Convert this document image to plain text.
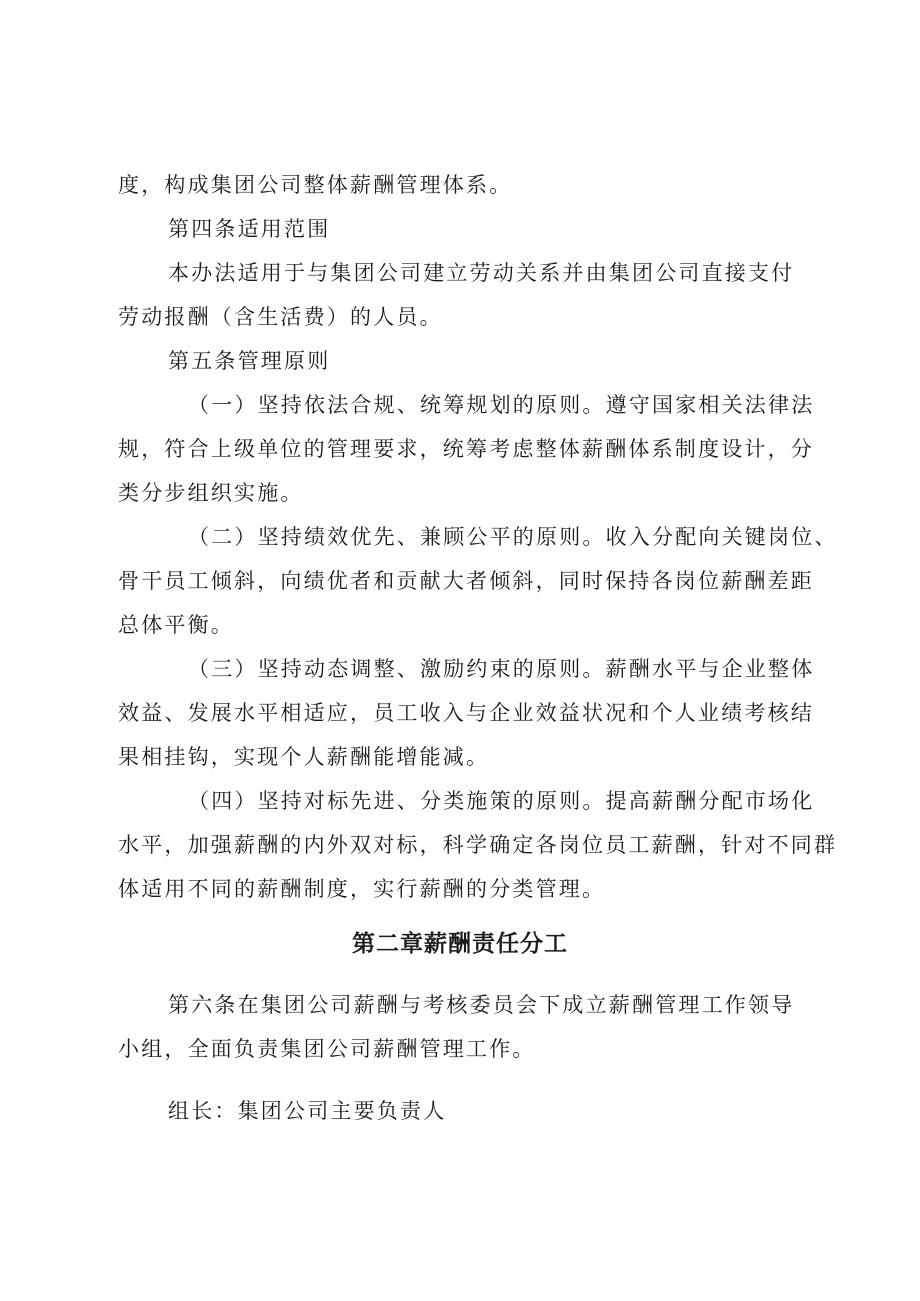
度，构成集团公司整体薪酬管理体系。
第四条适用范围
本办法适用于与集团公司建立劳动关系并由集团公司直接支付
劳动报酬（含生活费）的人员。
第五条管理原则
（一）坚持依法合规、统筹规划的原则。遵守国家相关法律法
规，符合上级单位的管理要求，统筹考虑整体薪酬体系制度设计，分
类分步组织实施。
（二）坚持绩效优先、兼顾公平的原则。收入分配向关键岗位、
骨干员工倾斜，向绩优者和贡献大者倾斜，同时保持各岗位薪酬差距
总体平衡。
（三）坚持动态调整、激励约束的原则。薪酬水平与企业整体
效益、发展水平相适应，员工收入与企业效益状况和个人业绩考核结
果相挂钩，实现个人薪酬能增能减。
（四）坚持对标先进、分类施策的原则。提高薪酬分配市场化
水平，加强薪酬的内外双对标，科学确定各岗位员工薪酬，针对不同群
体适用不同的薪酬制度，实行薪酬的分类管理。
第二章薪酬责任分工
第六条在集团公司薪酬与考核委员会下成立薪酬管理工作领导
小组，全面负责集团公司薪酬管理工作。
组长：集团公司主要负责人
